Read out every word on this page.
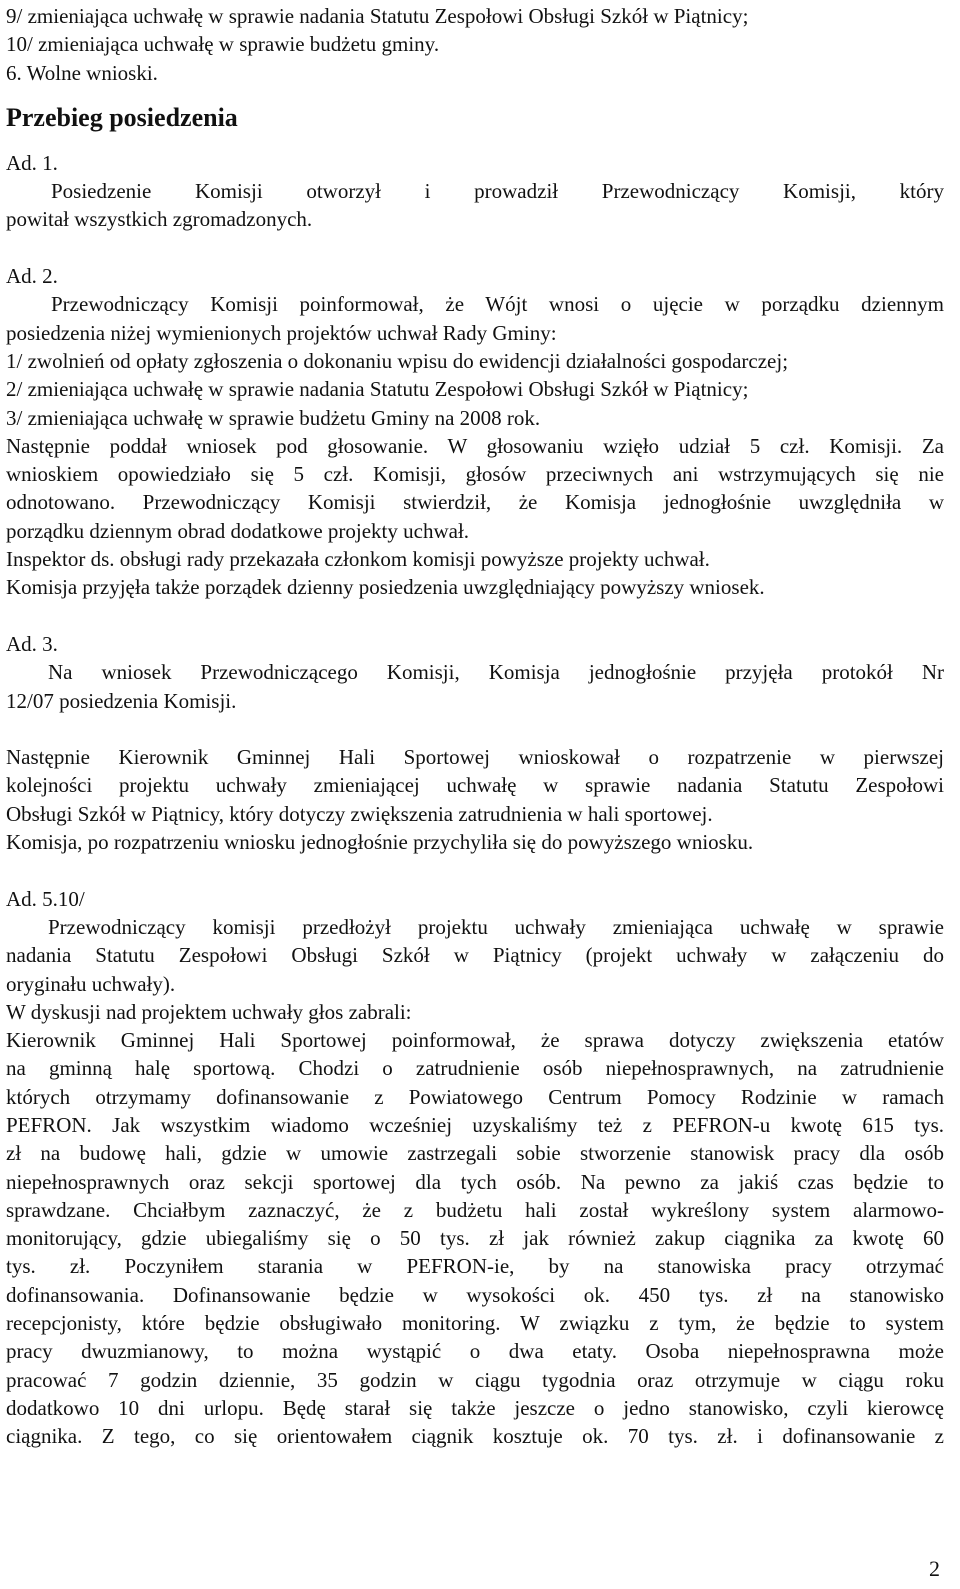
9/ zmieniająca uchwałę w sprawie nadania Statutu Zespołowi Obsługi Szkół w Piątnicy;
10/ zmieniająca uchwałę w sprawie budżetu gminy.
6. Wolne wnioski.
Przebieg posiedzenia
Ad. 1.
Posiedzenie Komisji otworzył i prowadził Przewodniczący Komisji, który
powitał wszystkich zgromadzonych.
Ad. 2.
Przewodniczący Komisji poinformował, że Wójt wnosi o ujęcie w porządku dziennym
posiedzenia niżej wymienionych projektów uchwał Rady Gminy:
1/ zwolnień od opłaty zgłoszenia o dokonaniu wpisu do ewidencji działalności gospodarczej;
2/ zmieniająca uchwałę w sprawie nadania Statutu Zespołowi Obsługi Szkół w Piątnicy;
3/ zmieniająca uchwałę w sprawie budżetu Gminy na 2008 rok.
Następnie poddał wniosek pod głosowanie. W głosowaniu wzięło udział 5 czł. Komisji. Za
wnioskiem opowiedziało się 5 czł. Komisji, głosów przeciwnych ani wstrzymujących się nie
odnotowano. Przewodniczący Komisji stwierdził, że Komisja jednogłośnie uwzględniła w
porządku dziennym obrad dodatkowe projekty uchwał.
Inspektor ds. obsługi rady przekazała członkom komisji powyższe projekty uchwał.
Komisja przyjęła także porządek dzienny posiedzenia uwzględniający powyższy wniosek.
Ad. 3.
Na wniosek Przewodniczącego Komisji, Komisja jednogłośnie przyjęła protokół Nr
12/07 posiedzenia Komisji.
Następnie Kierownik Gminnej Hali Sportowej wnioskował o rozpatrzenie w pierwszej
kolejności projektu uchwały zmieniającej uchwałę w sprawie nadania Statutu Zespołowi
Obsługi Szkół w Piątnicy, który dotyczy zwiększenia zatrudnienia w hali sportowej.
Komisja, po rozpatrzeniu wniosku jednogłośnie przychyliła się do powyższego wniosku.
Ad. 5.10/
Przewodniczący komisji przedłożył projektu uchwały zmieniająca uchwałę w sprawie
nadania Statutu Zespołowi Obsługi Szkół w Piątnicy (projekt uchwały w załączeniu do
oryginału uchwały).
W dyskusji nad projektem uchwały głos zabrali:
Kierownik Gminnej Hali Sportowej poinformował, że sprawa dotyczy zwiększenia etatów
na gminną halę sportową. Chodzi o zatrudnienie osób niepełnosprawnych, na zatrudnienie
których otrzymamy dofinansowanie z Powiatowego Centrum Pomocy Rodzinie w ramach
PEFRON. Jak wszystkim wiadomo wcześniej uzyskaliśmy też z PEFRON-u kwotę 615 tys.
zł na budowę hali, gdzie w umowie zastrzegali sobie stworzenie stanowisk pracy dla osób
niepełnosprawnych oraz sekcji sportowej dla tych osób. Na pewno za jakiś czas będzie to
sprawdzane. Chciałbym zaznaczyć, że z budżetu hali został wykreślony system alarmowo-
monitorujący, gdzie ubiegaliśmy się o 50 tys. zł jak również zakup ciągnika za kwotę 60
tys. zł. Poczyniłem starania w PEFRON-ie, by na stanowiska pracy otrzymać
dofinansowania. Dofinansowanie będzie w wysokości ok. 450 tys. zł na stanowisko
recepcjonisty, które będzie obsługiwało monitoring. W związku z tym, że będzie to system
pracy dwuzmianowy, to można wystąpić o dwa etaty. Osoba niepełnosprawna może
pracować 7 godzin dziennie, 35 godzin w ciągu tygodnia oraz otrzymuje w ciągu roku
dodatkowo 10 dni urlopu. Będę starał się także jeszcze o jedno stanowisko, czyli kierowcę
ciągnika. Z tego, co się orientowałem ciągnik kosztuje ok. 70 tys. zł. i dofinansowanie z
2
